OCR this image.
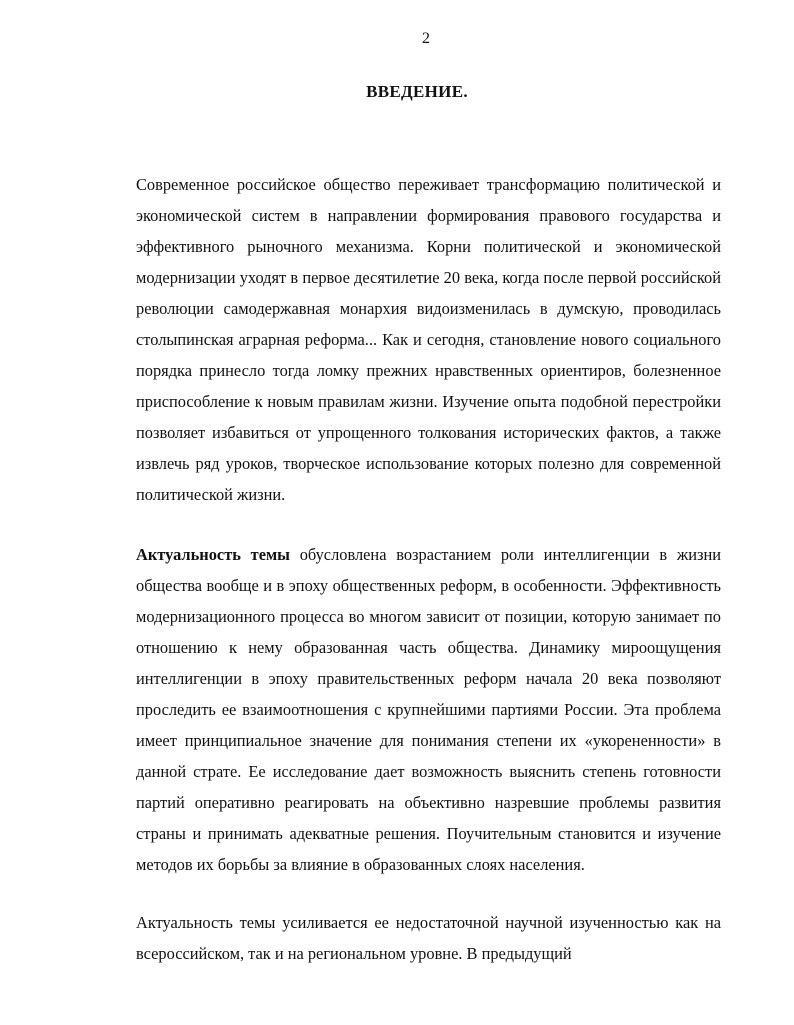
2
ВВЕДЕНИЕ.
Современное российское общество переживает трансформацию политической и экономической систем в направлении формирования правового государства и эффективного рыночного механизма. Корни политической и экономической модернизации уходят в первое десятилетие 20 века, когда после первой российской революции самодержавная монархия видоизменилась в думскую, проводилась столыпинская аграрная реформа... Как и сегодня, становление нового социального порядка принесло тогда ломку прежних нравственных ориентиров, болезненное приспособление к новым правилам жизни. Изучение опыта подобной перестройки позволяет избавиться от упрощенного толкования исторических фактов, а также извлечь ряд уроков, творческое использование которых полезно для современной политической жизни.
Актуальность темы обусловлена возрастанием роли интеллигенции в жизни общества вообще и в эпоху общественных реформ, в особенности. Эффективность модернизационного процесса во многом зависит от позиции, которую занимает по отношению к нему образованная часть общества. Динамику мироощущения интеллигенции в эпоху правительственных реформ начала 20 века позволяют проследить ее взаимоотношения с крупнейшими партиями России. Эта проблема имеет принципиальное значение для понимания степени их «укорененности» в данной страте. Ее исследование дает возможность выяснить степень готовности партий оперативно реагировать на объективно назревшие проблемы развития страны и принимать адекватные решения. Поучительным становится и изучение методов их борьбы за влияние в образованных слоях населения.
Актуальность темы усиливается ее недостаточной научной изученностью как на всероссийском, так и на региональном уровне. В предыдущий
